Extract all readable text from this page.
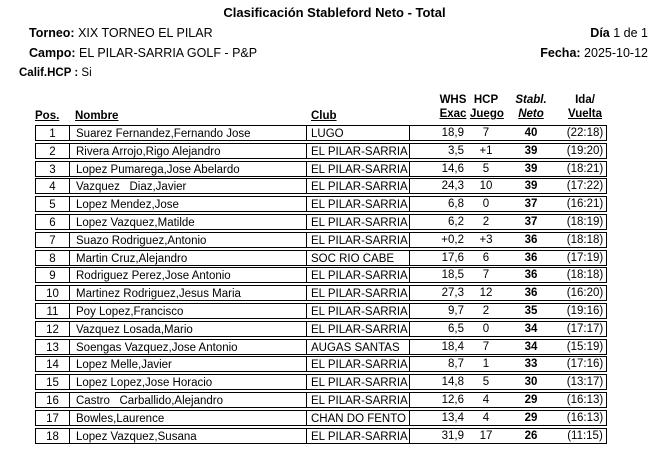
Clasificación Stableford Neto - Total
Torneo: XIX TORNEO EL PILAR
Campo: EL PILAR-SARRIA GOLF - P&P
Calif.HCP : Si
Día 1 de 1
Fecha: 2025-10-12
Pos.	Nombre	Club
WHS
Exac
HCP
Juego
Stabl.
Neto
Ida/
Vuelta
1	Suarez Fernandez,Fernando Jose	LUGO	18,9	7	40	(22:18)
2	Rivera Arrojo,Rigo Alejandro	EL PILAR-SARRIA	3,5	+1	39	(19:20)
3	Lopez Pumarega,Jose Abelardo	EL PILAR-SARRIA	14,6	5	39	(18:21)
4	Vazquez   Diaz,Javier	EL PILAR-SARRIA	24,3	10	39	(17:22)
5	Lopez Mendez,Jose	EL PILAR-SARRIA	6,8	0	37	(16:21)
6	Lopez Vazquez,Matilde	EL PILAR-SARRIA	6,2	2	37	(18:19)
7	Suazo Rodriguez,Antonio	EL PILAR-SARRIA	+0,2	+3	36	(18:18)
8	Martin Cruz,Alejandro	SOC RIO CABE	17,6	6	36	(17:19)
9	Rodriguez Perez,Jose Antonio	EL PILAR-SARRIA	18,5	7	36	(18:18)
10	Martinez Rodriguez,Jesus Maria	EL PILAR-SARRIA	27,3	12	36	(16:20)
11	Poy Lopez,Francisco	EL PILAR-SARRIA	9,7	2	35	(19:16)
12	Vazquez Losada,Mario	EL PILAR-SARRIA	6,5	0	34	(17:17)
13	Soengas Vazquez,Jose Antonio	AUGAS SANTAS	18,4	7	34	(15:19)
14	Lopez Melle,Javier	EL PILAR-SARRIA	8,7	1	33	(17:16)
15	Lopez Lopez,Jose Horacio	EL PILAR-SARRIA	14,8	5	30	(13:17)
16	Castro   Carballido,Alejandro	EL PILAR-SARRIA	12,6	4	29	(16:13)
17	Bowles,Laurence	CHAN DO FENTO	13,4	4	29	(16:13)
18	Lopez Vazquez,Susana	EL PILAR-SARRIA	31,9	17	26	(11:15)
